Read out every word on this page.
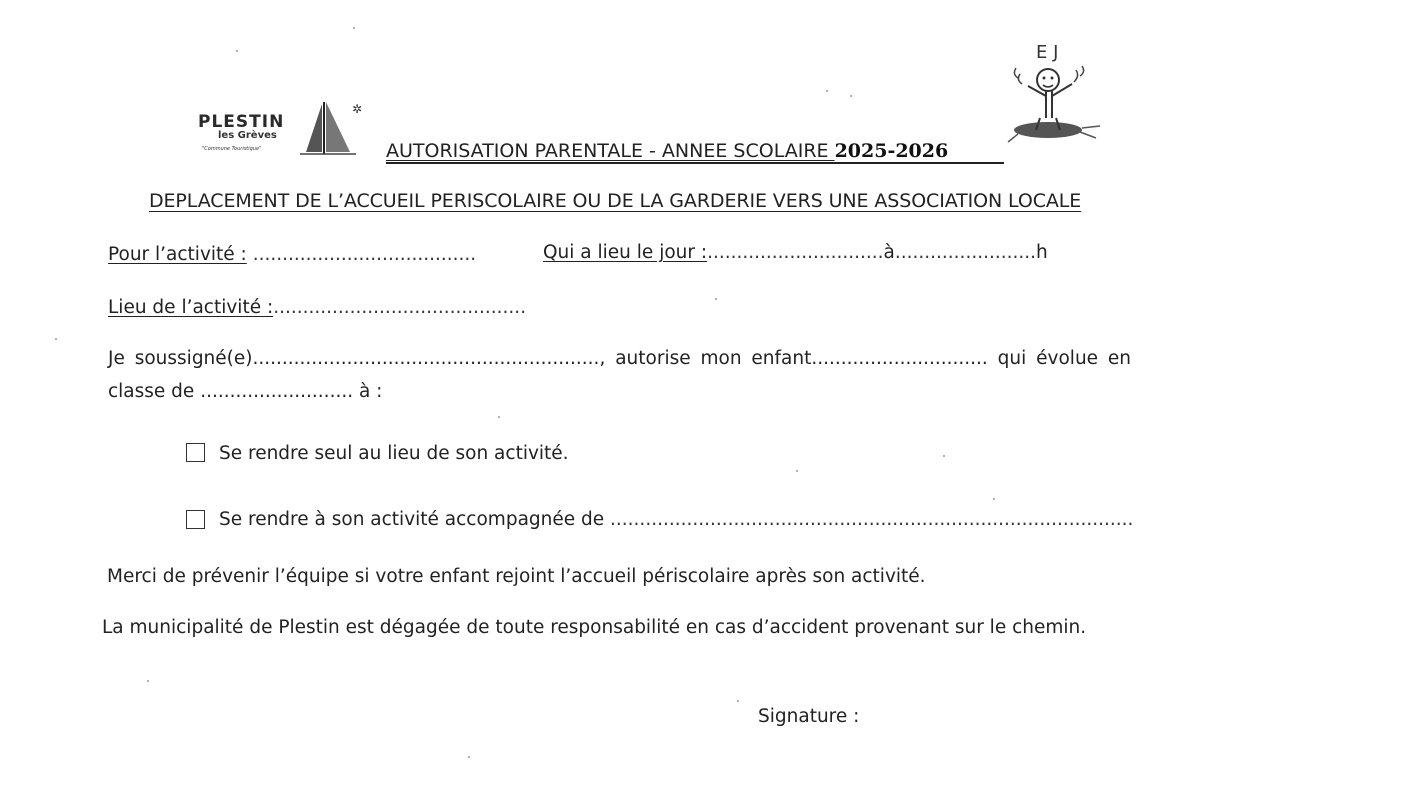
PLESTIN
les Grèves
"Commune Touristique"
✲
E J
AUTORISATION PARENTALE - ANNEE SCOLAIRE 2025-2026
DEPLACEMENT DE L’ACCUEIL PERISCOLAIRE OU DE LA GARDERIE VERS UNE ASSOCIATION LOCALE
Pour l’activité : ......................................	Qui a lieu le jour :..............................à........................h
Lieu de l’activité :...........................................
Je soussigné(e)..........................................................., autorise mon enfant.............................. qui évolue en
classe de .......................... à :
Se rendre seul au lieu de son activité.
Se rendre à son activité accompagnée de .........................................................................................
Merci de prévenir l’équipe si votre enfant rejoint l’accueil périscolaire après son activité.
La municipalité de Plestin est dégagée de toute responsabilité en cas d’accident provenant sur le chemin.
Signature :
